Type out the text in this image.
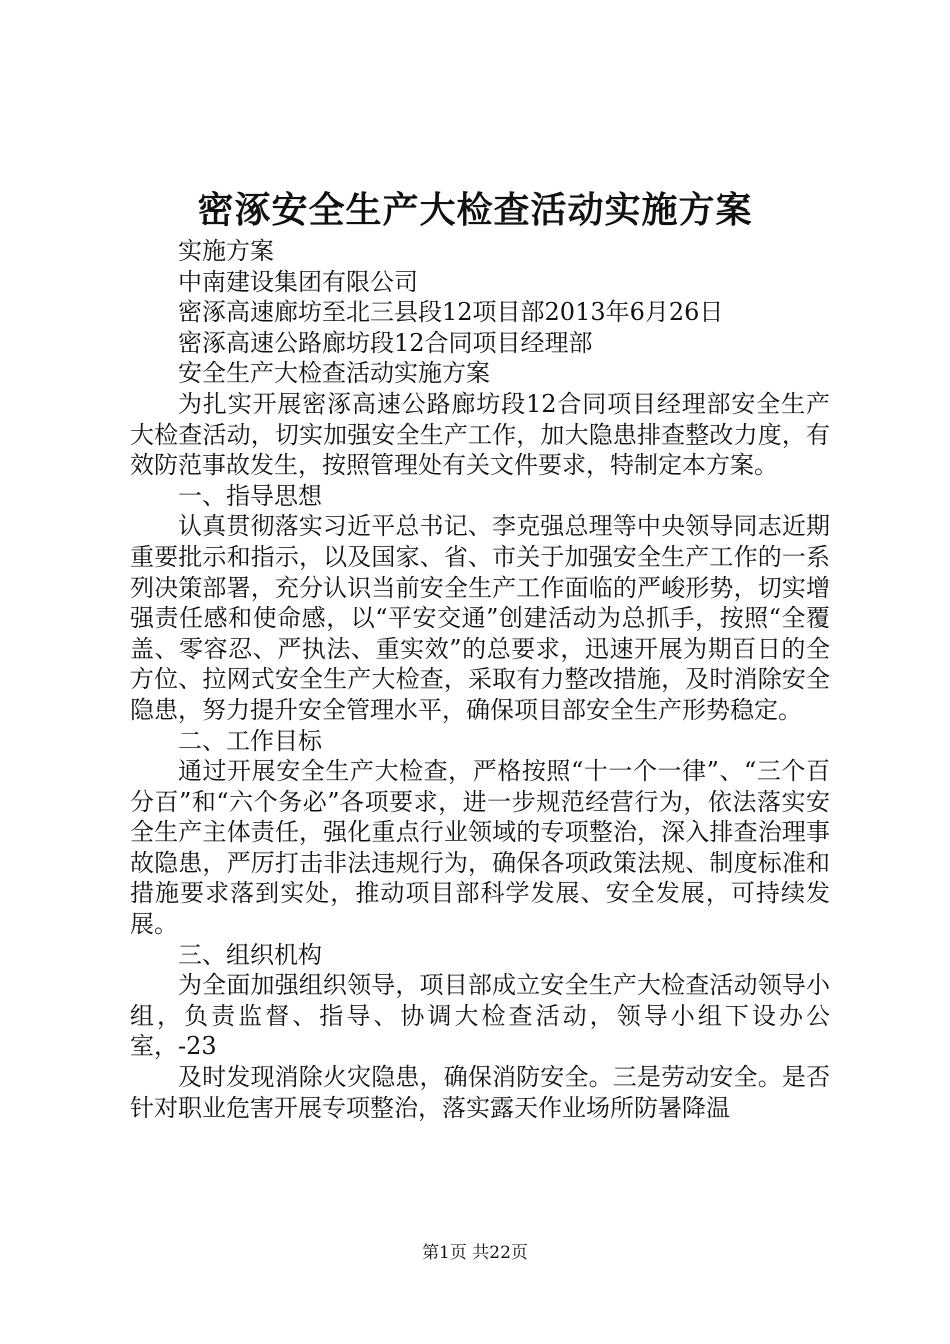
密涿安全生产大检查活动实施方案

实施方案

中南建设集团有限公司

密涿高速廊坊至北三县段12项目部2013年6月26日

密涿高速公路廊坊段12合同项目经理部

安全生产大检查活动实施方案

为扎实开展密涿高速公路廊坊段12合同项目经理部安全生产大检查活动，切实加强安全生产工作，加大隐患排查整改力度，有效防范事故发生，按照管理处有关文件要求，特制定本方案。

一、指导思想

认真贯彻落实习近平总书记、李克强总理等中央领导同志近期重要批示和指示，以及国家、省、市关于加强安全生产工作的一系列决策部署，充分认识当前安全生产工作面临的严峻形势，切实增强责任感和使命感，以“平安交通”创建活动为总抓手，按照“全覆盖、零容忍、严执法、重实效”的总要求，迅速开展为期百日的全方位、拉网式安全生产大检查，采取有力整改措施，及时消除安全隐患，努力提升安全管理水平，确保项目部安全生产形势稳定。

二、工作目标

通过开展安全生产大检查，严格按照“十一个一律”、“三个百分百”和“六个务必”各项要求，进一步规范经营行为，依法落实安全生产主体责任，强化重点行业领域的专项整治，深入排查治理事故隐患，严厉打击非法违规行为，确保各项政策法规、制度标准和措施要求落到实处，推动项目部科学发展、安全发展，可持续发展。

三、组织机构

为全面加强组织领导，项目部成立安全生产大检查活动领导小组，负责监督、指导、协调大检查活动，领导小组下设办公室，-23

及时发现消除火灾隐患，确保消防安全。三是劳动安全。是否针对职业危害开展专项整治，落实露天作业场所防暑降温

第1页 共22页
